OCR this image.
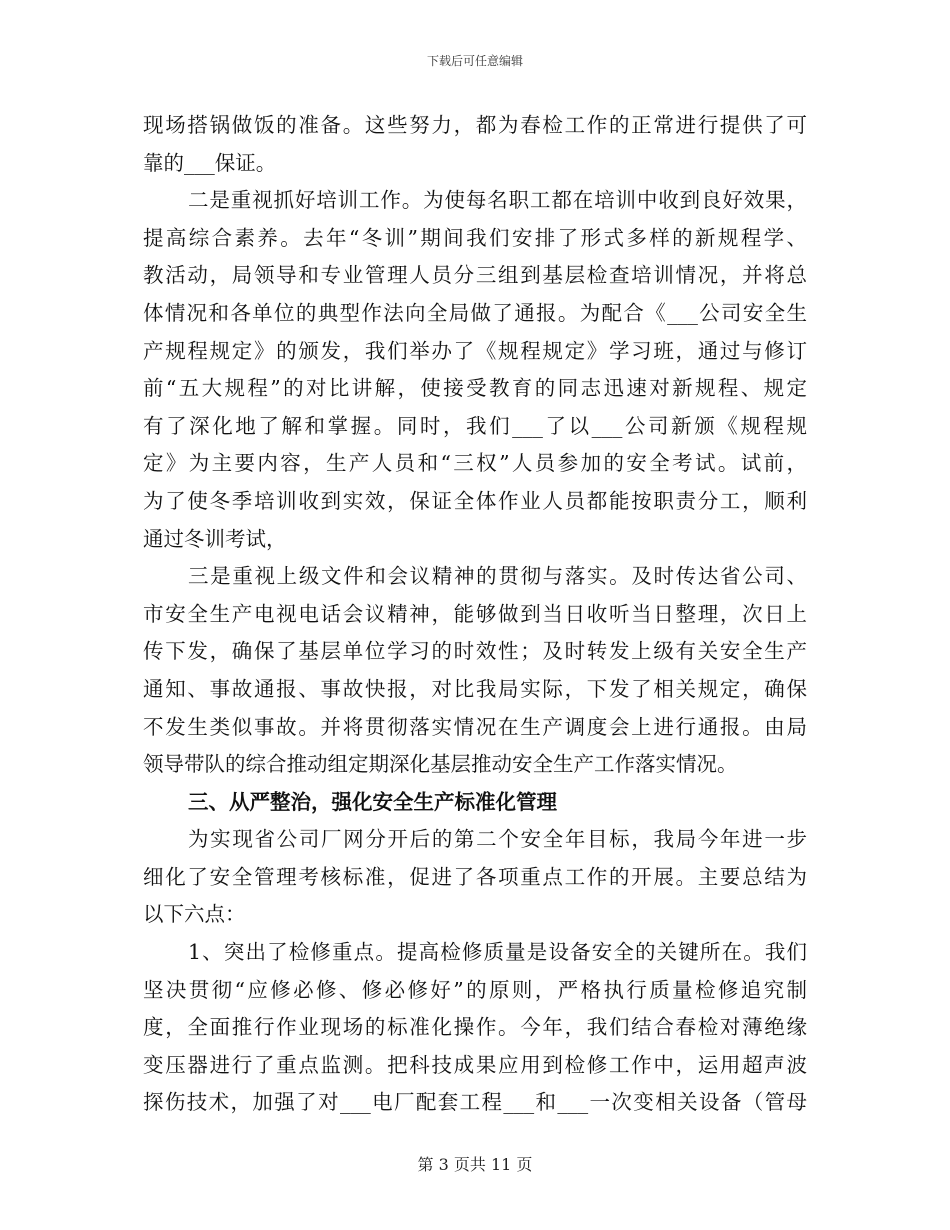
下载后可任意编辑
现场搭锅做饭的准备。这些努力，都为春检工作的正常进行提供了可
靠的___保证。
二是重视抓好培训工作。为使每名职工都在培训中收到良好效果，
提高综合素养。去年“冬训”期间我们安排了形式多样的新规程学、
教活动，局领导和专业管理人员分三组到基层检查培训情况，并将总
体情况和各单位的典型作法向全局做了通报。为配合《___公司安全生
产规程规定》的颁发，我们举办了《规程规定》学习班，通过与修订
前“五大规程”的对比讲解，使接受教育的同志迅速对新规程、规定
有了深化地了解和掌握。同时，我们___了以___公司新颁《规程规
定》为主要内容，生产人员和“三权”人员参加的安全考试。试前，
为了使冬季培训收到实效，保证全体作业人员都能按职责分工，顺利
通过冬训考试，
三是重视上级文件和会议精神的贯彻与落实。及时传达省公司、
市安全生产电视电话会议精神，能够做到当日收听当日整理，次日上
传下发，确保了基层单位学习的时效性；及时转发上级有关安全生产
通知、事故通报、事故快报，对比我局实际，下发了相关规定，确保
不发生类似事故。并将贯彻落实情况在生产调度会上进行通报。由局
领导带队的综合推动组定期深化基层推动安全生产工作落实情况。
三、从严整治，强化安全生产标准化管理
为实现省公司厂网分开后的第二个安全年目标，我局今年进一步
细化了安全管理考核标准，促进了各项重点工作的开展。主要总结为
以下六点：
1、突出了检修重点。提高检修质量是设备安全的关键所在。我们
坚决贯彻“应修必修、修必修好”的原则，严格执行质量检修追究制
度，全面推行作业现场的标准化操作。今年，我们结合春检对薄绝缘
变压器进行了重点监测。把科技成果应用到检修工作中，运用超声波
探伤技术，加强了对___电厂配套工程___和___一次变相关设备（管母
第 3 页共 11 页
